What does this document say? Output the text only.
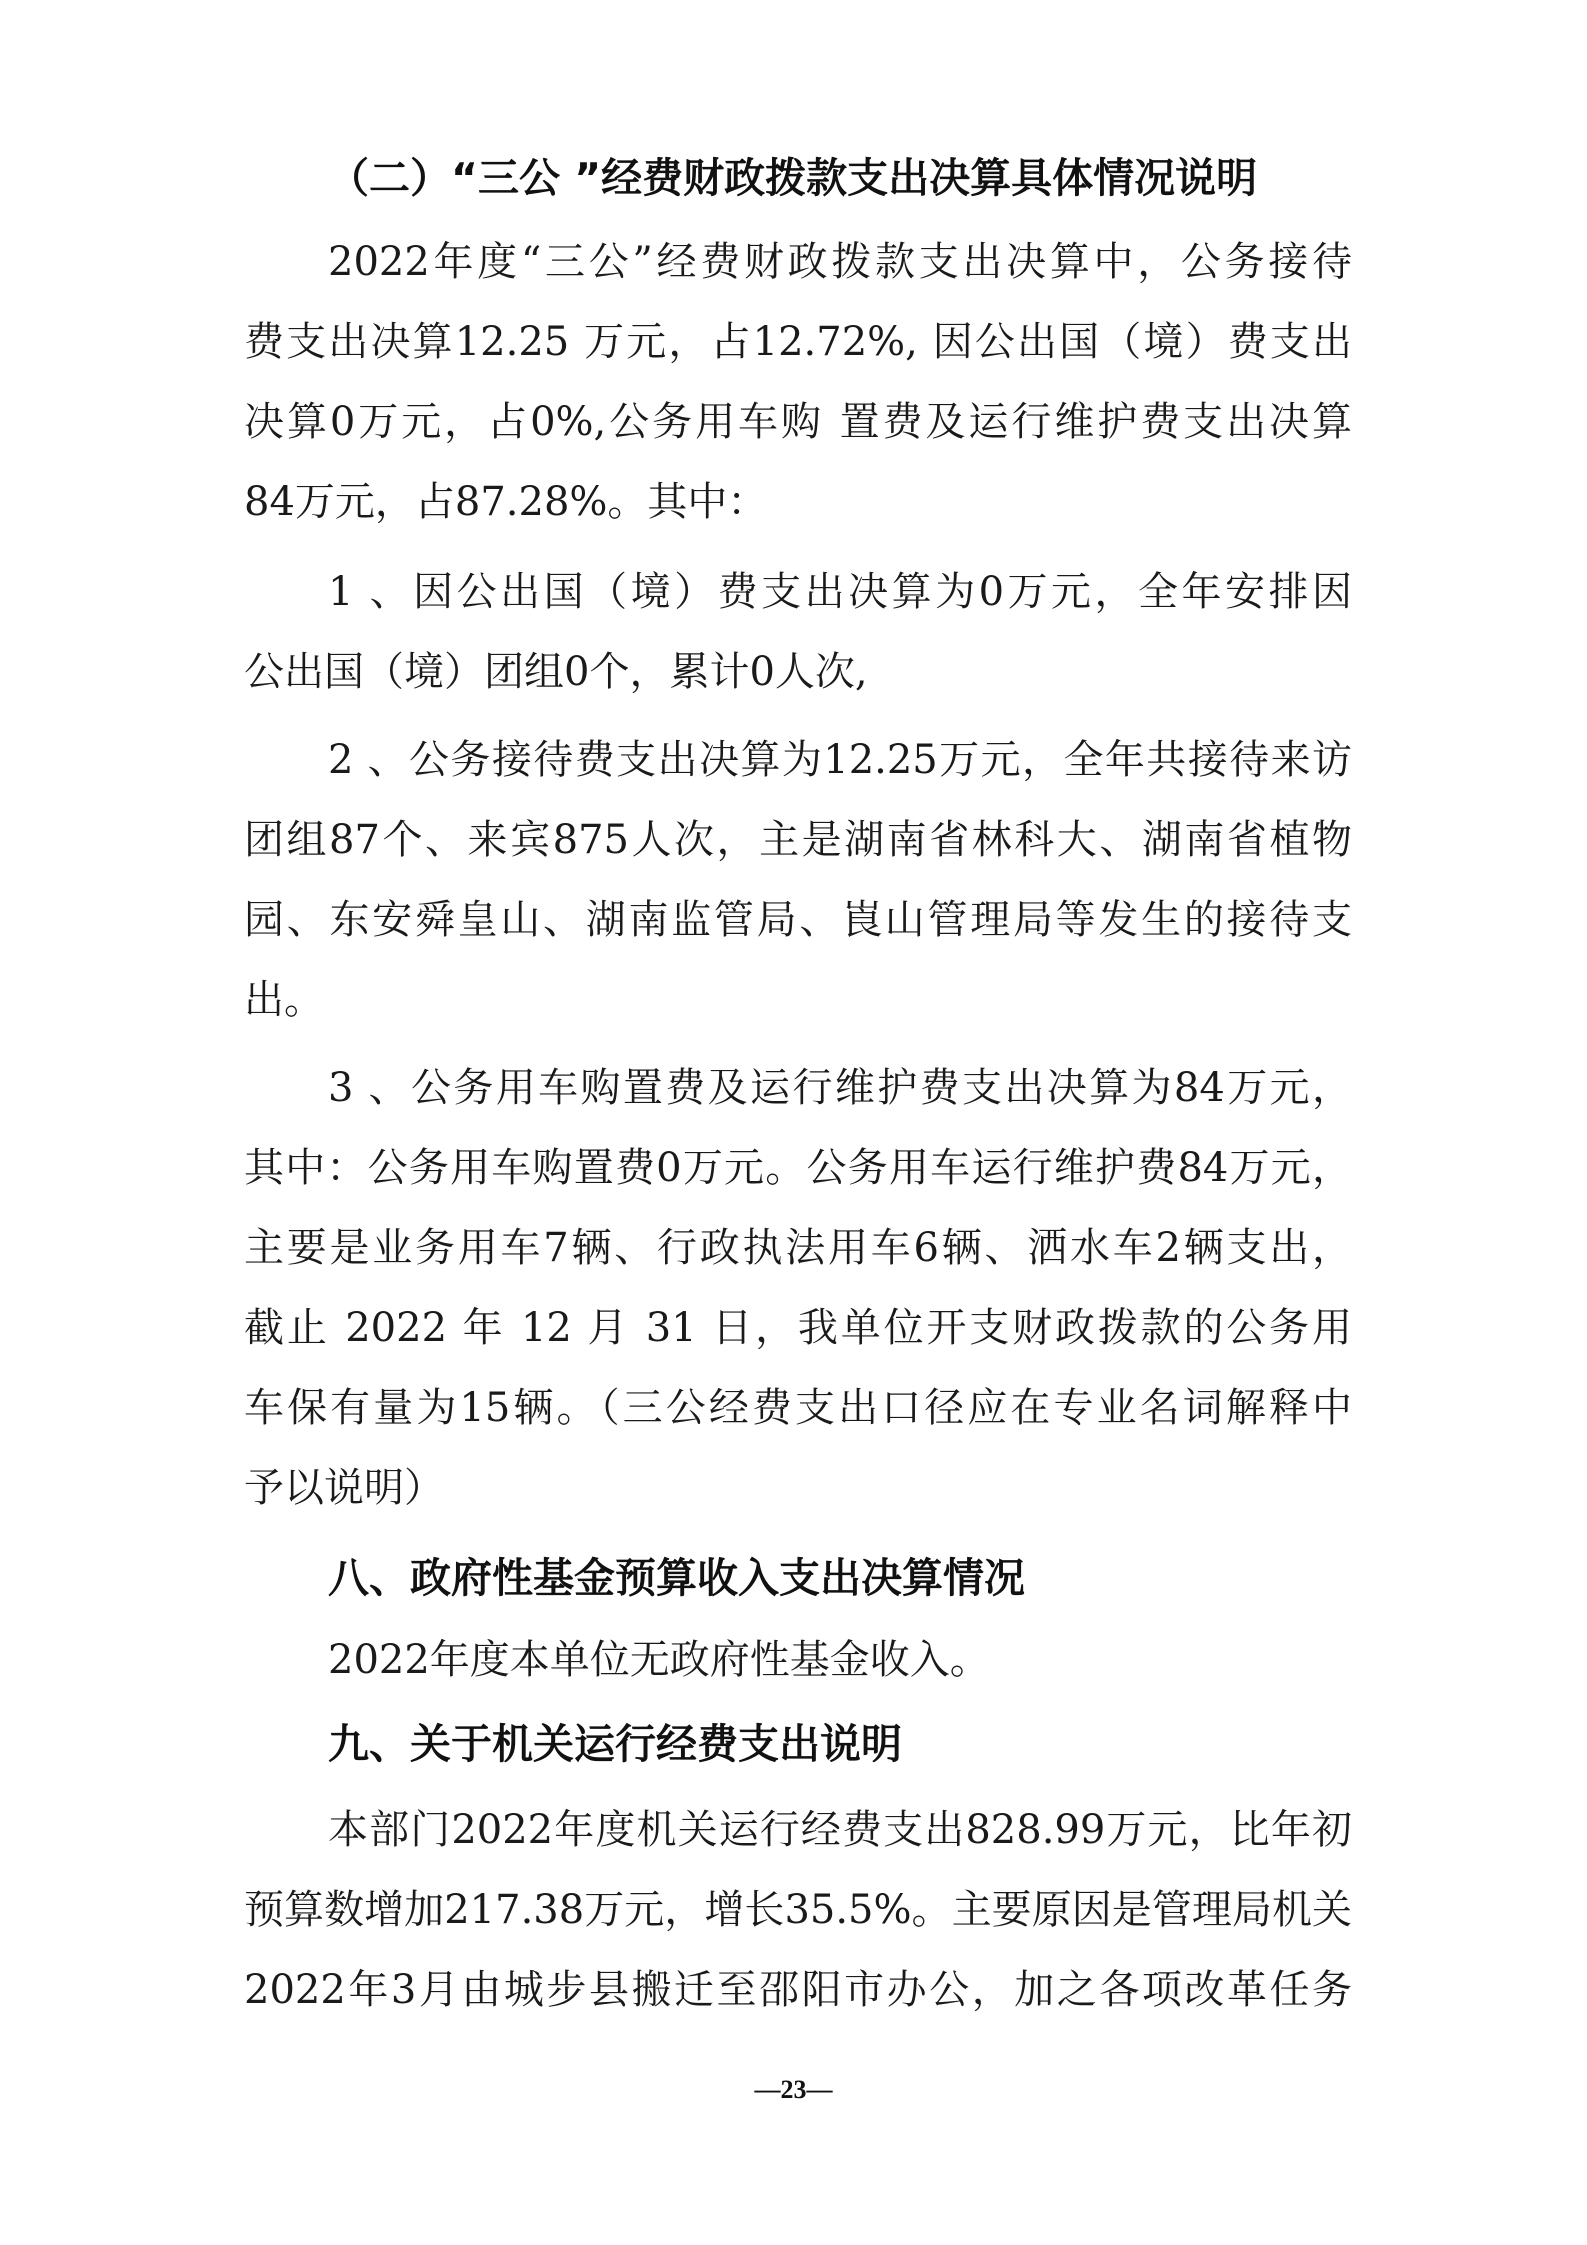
（二）“三公 ”经费财政拨款支出决算具体情况说明
2022年度“三公”经费财政拨款支出决算中，公务接待
费支出决算12.25 万元，占12.72%, 因公出国（境）费支出
决算0万元，占0%,公务用车购 置费及运行维护费支出决算
84万元，占87.28%。其中：
1 、因公出国（境）费支出决算为0万元，全年安排因
公出国（境）团组0个，累计0人次,
2 、公务接待费支出决算为12.25万元，全年共接待来访
团组87个、来宾875人次，主是湖南省林科大、湖南省植物
园、东安舜皇山、湖南监管局、崀山管理局等发生的接待支
出。
3 、公务用车购置费及运行维护费支出决算为84万元，
其中：公务用车购置费0万元。公务用车运行维护费84万元，
主要是业务用车7辆、行政执法用车6辆、洒水车2辆支出，
截止 2022 年 12 月 31 日，我单位开支财政拨款的公务用
车保有量为15辆。（三公经费支出口径应在专业名词解释中
予以说明）
八、政府性基金预算收入支出决算情况
2022年度本单位无政府性基金收入。
九、关于机关运行经费支出说明
本部门2022年度机关运行经费支出828.99万元，比年初
预算数增加217.38万元，增长35.5%。主要原因是管理局机关
2022年3月由城步县搬迁至邵阳市办公，加之各项改革任务
—23—
